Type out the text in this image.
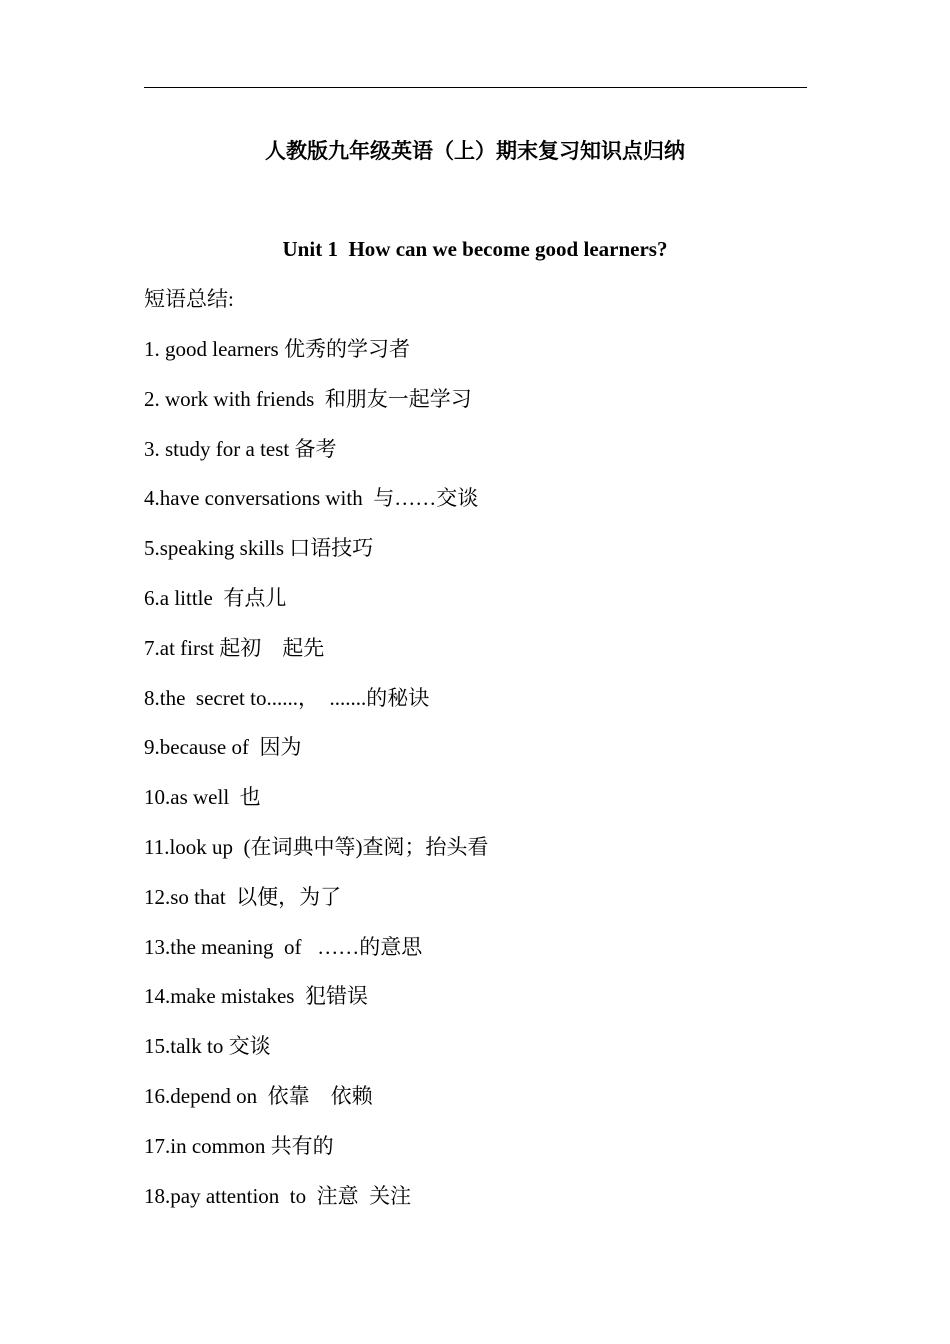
人教版九年级英语（上）期末复习知识点归纳
Unit 1  How can we become good learners?

短语总结:

1. good learners 优秀的学习者
2. work with friends  和朋友一起学习
3. study for a test 备考
4.have conversations with  与……交谈
5.speaking skills 口语技巧
6.a little  有点儿
7.at first 起初    起先
8.the  secret to......，  .......的秘诀
9.because of  因为
10.as well  也
11.look up  (在词典中等)查阅；抬头看
12.so that  以便，为了
13.the meaning  of   ……的意思
14.make mistakes  犯错误
15.talk to 交谈
16.depend on  依靠    依赖
17.in common 共有的
18.pay attention  to  注意  关注
